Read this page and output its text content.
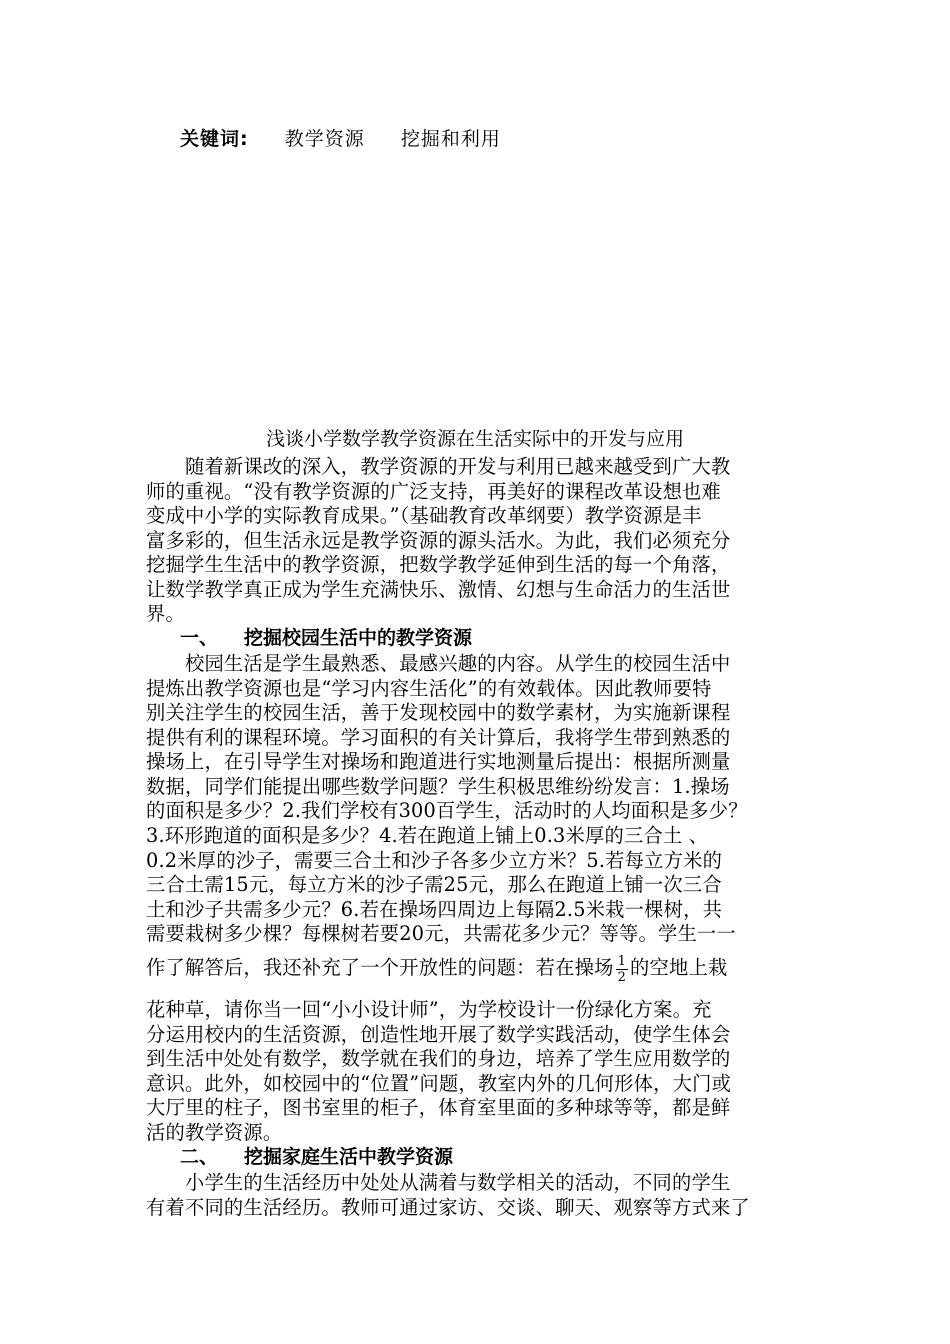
关键词: 教学资源 挖掘和利用
浅谈小学数学教学资源在生活实际中的开发与应用
　　随着新课改的深入，教学资源的开发与利用已越来越受到广大教
师的重视。“没有教学资源的广泛支持，再美好的课程改革设想也难
变成中小学的实际教育成果。”（基础教育改革纲要）教学资源是丰
富多彩的，但生活永远是教学资源的源头活水。为此，我们必须充分
挖掘学生生活中的教学资源，把数学教学延伸到生活的每一个角落，
让数学教学真正成为学生充满快乐、激情、幻想与生命活力的生活世
界。
一、 挖掘校园生活中的教学资源
　　校园生活是学生最熟悉、最感兴趣的内容。从学生的校园生活中
提炼出教学资源也是“学习内容生活化”的有效载体。因此教师要特
别关注学生的校园生活，善于发现校园中的数学素材，为实施新课程
提供有利的课程环境。学习面积的有关计算后，我将学生带到熟悉的
操场上，在引导学生对操场和跑道进行实地测量后提出：根据所测量
数据，同学们能提出哪些数学问题？学生积极思维纷纷发言：1.操场
的面积是多少？2.我们学校有300百学生，活动时的人均面积是多少？
3.环形跑道的面积是多少？4.若在跑道上铺上0.3米厚的三合土 、
0.2米厚的沙子，需要三合土和沙子各多少立方米？5.若每立方米的
三合土需15元，每立方米的沙子需25元，那么在跑道上铺一次三合
土和沙子共需多少元？6.若在操场四周边上每隔2.5米栽一棵树，共
需要栽树多少棵？每棵树若要20元，共需花多少元？等等。学生一一
作了解答后，我还补充了一个开放性的问题：若在操场 $\frac{1}{2}$ 的空地上栽
花种草，请你当一回“小小设计师”，为学校设计一份绿化方案。充
分运用校内的生活资源，创造性地开展了数学实践活动，使学生体会
到生活中处处有数学，数学就在我们的身边，培养了学生应用数学的
意识。此外，如校园中的“位置”问题，教室内外的几何形体，大门或
大厅里的柱子，图书室里的柜子，体育室里面的多种球等等，都是鲜
活的教学资源。
二、 挖掘家庭生活中教学资源
　　小学生的生活经历中处处从满着与数学相关的活动，不同的学生
有着不同的生活经历。教师可通过家访、交谈、聊天、观察等方式来了
